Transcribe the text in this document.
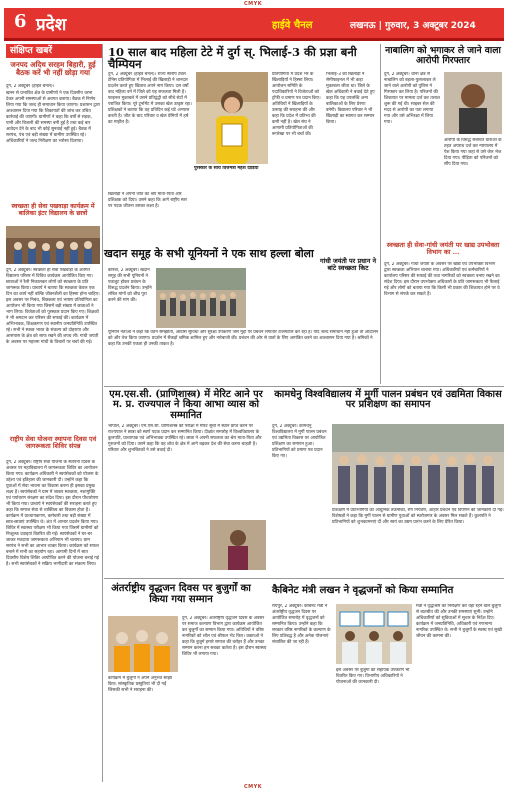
CMYK
CMYK
6 प्रदेश	हाईवे चैनल	लखनऊ | गुरुवार, 3 अक्टूबर 2024
संक्षिप्त खबरें
जनपद अदिथ सरहम बिहारी, हुई बैठक करें भी नहीं छोड़ा गया

दुर्ग, 2 अक्टूबर (हाईवे चैनल)।

खनन से प्रभावित क्षेत्र के ग्रामीणों ने एक दिवसीय धरना देकर अपनी समस्याओं से अवगत कराया। बैठक में निर्णय लिया गया कि जल्द ही समाधान किया जाएगा। प्रशासन द्वारा आश्वासन दिया गया कि शिकायतों की जांच कर उचित कार्रवाई की जाएगी। ग्रामीणों ने कहा कि वर्षों से सड़क, पानी और बिजली की समस्या बनी हुई है तथा कई बार आवेदन देने के बाद भी कोई सुनवाई नहीं हुई। बैठक में सरपंच, पंच एवं बड़ी संख्या में ग्रामीण उपस्थित रहे। अधिकारियों ने जल्द निरीक्षण का भरोसा दिलाया।

स्वच्छता ही सेवा पखवाड़ा कार्यक्रम में बालिका इंटर विद्यालय के छात्रों

दुर्ग, 2 अक्टूबर। स्वच्छता ही सेवा पखवाड़ा के अंतर्गत विद्यालय परिसर में विविध कार्यक्रम आयोजित किए गए। छात्राओं ने रैली निकालकर लोगों को स्वच्छता के प्रति जागरूक किया। प्राचार्य ने बताया कि स्वच्छता केवल एक दिन का कार्य नहीं बल्कि जीवनशैली का हिस्सा होना चाहिए। इस अवसर पर निबंध, चित्रकला एवं भाषण प्रतियोगिता का आयोजन भी किया गया जिसमें बड़ी संख्या में छात्राओं ने भाग लिया। विजेताओं को पुरस्कार प्रदान किए गए। शिक्षकों ने भी श्रमदान कर परिसर की सफाई की। कार्यक्रम में अभिभावक, शिक्षकगण एवं स्थानीय जनप्रतिनिधि उपस्थित रहे। सभी ने स्वच्छ भारत के संकल्प को दोहराया और आसपास के क्षेत्र को साफ रखने की शपथ ली। गांधी जयंती के अवसर पर महात्मा गांधी के विचारों पर चर्चा की गई।

राष्ट्रीय सेवा योजना स्थापना दिवस एवं जागरूकता शिविर संपन्न

दुर्ग, 2 अक्टूबर। राष्ट्रीय सेवा योजना के स्थापना दिवस के अवसर पर महाविद्यालय में जागरूकता शिविर का आयोजन किया गया। कार्यक्रम अधिकारी ने स्वयंसेवकों को योजना के उद्देश्य एवं इतिहास की जानकारी दी। उन्होंने कहा कि युवाओं में सेवा भावना का विकास करना ही इसका प्रमुख लक्ष्य है। स्वयंसेवकों ने ग्राम में जाकर स्वच्छता, नशामुक्ति एवं पर्यावरण संरक्षण का संदेश दिया। इस दौरान पौधारोपण भी किया गया। प्राचार्य ने स्वयंसेवकों की सराहना करते हुए कहा कि समाज सेवा से व्यक्तित्व का विकास होता है। कार्यक्रम में प्राध्यापकगण, कर्मचारी तथा बड़ी संख्या में छात्र-छात्राएं उपस्थित थे। अंत में आभार प्रदर्शन किया गया। शिविर में स्वास्थ्य परीक्षण भी किया गया जिसमें ग्रामीणों को निःशुल्क दवाइयां वितरित की गईं। स्वयंसेवकों ने घर-घर जाकर मतदाता जागरूकता अभियान भी चलाया। ग्राम सरपंच ने सभी का आभार व्यक्त किया। कार्यक्रम को सफल बनाने में सभी का सहयोग रहा। आगामी दिनों में सात दिवसीय विशेष शिविर आयोजित करने की योजना बनाई गई है। सभी स्वयंसेवकों ने सक्रिय भागीदारी का संकल्प लिया।

10 साल बाद महिला टेटे में दुर्ग स्. भिलाई-3 की प्रज्ञा बनी चैम्पियन

दुर्ग, 2 अक्टूबर (हाईवे चैनल)। राज्य स्तरीय टेबल टेनिस प्रतियोगिता में भिलाई की खिलाड़ी ने शानदार प्रदर्शन करते हुए खिताब अपने नाम किया। दस वर्षों बाद महिला वर्ग में जिले को यह सफलता मिली है। फाइनल मुकाबले में उसने प्रतिद्वंद्वी को सीधे सेटों में पराजित किया। पूरे टूर्नामेंट में उसका खेल उत्कृष्ट रहा। प्रशिक्षकों ने बताया कि वह प्रतिदिन कई घंटे अभ्यास करती है। जीत के बाद परिवार व खेल प्रेमियों में हर्ष का माहौल है।

पुरस्कार के साथ वित्तमंत्री महेश दांडिया

खिलाड़ी ने अपनी जीत का श्रेय माता-पिता और प्रशिक्षक को दिया। उसने कहा कि आगे राष्ट्रीय स्तर पर पदक जीतना उसका लक्ष्य है।

प्रतियोगिता में प्रदेश भर के खिलाड़ियों ने हिस्सा लिया। आयोजन समिति के पदाधिकारियों ने विजेताओं को ट्रॉफी व प्रमाण पत्र प्रदान किए। अतिथियों ने खिलाड़ियों के उत्साह की सराहना की और कहा कि प्रदेश में प्रतिभा की कमी नहीं है। खेल संघ ने आगामी प्रतियोगिताओं की रूपरेखा पर भी चर्चा की।

भिलाई-3 की खिलाड़ी ने सेमीफाइनल में भी कड़ा मुकाबला जीता था। जिले के खेल अधिकारी ने बधाई देते हुए कहा कि यह उपलब्धि अन्य बालिकाओं के लिए प्रेरणा बनेगी। विद्यालय परिवार ने भी खिलाड़ी का स्वागत कर सम्मान किया।

नाबालिग को भगाकर ले जाने वाला आरोपी गिरफ्तार

दुर्ग, 2 अक्टूबर। थाना क्षेत्र से नाबालिग को बहला-फुसलाकर ले जाने वाले आरोपी को पुलिस ने गिरफ्तार कर लिया है। परिजनों की शिकायत पर मामला दर्ज कर तलाश शुरू की गई थी। साइबर सेल की मदद से आरोपी का पता लगाया गया और उसे अभिरक्षा में लिया गया।

आरोपी के विरुद्ध संबंधित धाराओं के तहत अपराध दर्ज कर न्यायालय में पेश किया गया जहां से उसे जेल भेज दिया गया। पीड़िता को परिजनों को सौंप दिया गया।

खदान समूह के सभी यूनियनों ने एक साथ हल्ला बोला

कोरबा, 2 अक्टूबर। खदान समूह की सभी यूनियनों ने एकजुट होकर प्रबंधन के विरुद्ध प्रदर्शन किया। उन्होंने लंबित मांगों को शीघ्र पूरा करने की मांग की।

यूनियन नेताओं ने कहा कि वेतन समझौता, आवास सुविधा और सुरक्षा उपकरण जैसे मुद्दों पर प्रबंधन लगातार टालमटोल कर रहा है। यदि जल्द समाधान नहीं हुआ तो आंदोलन को और तेज किया जाएगा। प्रदर्शन में सैकड़ों श्रमिक शामिल हुए और नारेबाजी की। प्रबंधन की ओर से वार्ता के लिए आमंत्रित करने का आश्वासन दिया गया है। श्रमिकों ने कहा कि उनकी एकता ही उनकी ताकत है।

गांधी जयंती पर प्रधान ने बांटे स्वच्छता किट
स्वच्छता ही सेवा-गांधी जयंती पर खाद्य उपभोक्ता विभाग का ...

दुर्ग, 2 अक्टूबर। गांधी जयंती के अवसर पर खाद्य एवं उपभोक्ता विभाग द्वारा स्वच्छता अभियान चलाया गया। अधिकारियों एवं कर्मचारियों ने कार्यालय परिसर की सफाई की तथा नागरिकों को स्वच्छता बनाए रखने का संदेश दिया। इस दौरान उपभोक्ता अधिकारों के प्रति जागरूकता भी फैलाई गई और लोगों को बताया गया कि किसी भी प्रकार की शिकायत होने पर वे विभाग से संपर्क कर सकते हैं।

एम.एस.सी. (प्राणिशास्त्र) में मेरिट आने पर म. प्र. राज्यपाल ने किया आभा व्यास को सम्मानित

भोपाल, 2 अक्टूबर। एम.एस.सी. प्राणिशास्त्र की परीक्षा में मेरिट सूची में स्थान प्राप्त करने पर राज्यपाल ने छात्रा को स्वर्ण पदक प्रदान कर सम्मानित किया। दीक्षांत समारोह में विश्वविद्यालय के कुलपति, प्राध्यापक एवं अभिभावक उपस्थित रहे। छात्रा ने अपनी सफलता का श्रेय माता-पिता और गुरुजनों को दिया। उसने कहा कि वह शोध के क्षेत्र में आगे बढ़कर देश की सेवा करना चाहती है। परिवार और शुभचिंतकों ने उसे बधाई दी।

कामधेनु विश्वविद्यालय में मुर्गी पालन प्रबंधन एवं उद्यमिता विकास पर प्रशिक्षण का समापन

दुर्ग, 2 अक्टूबर। कामधेनु विश्वविद्यालय में मुर्गी पालन प्रबंधन एवं उद्यमिता विकास पर आयोजित प्रशिक्षण का समापन हुआ। प्रतिभागियों को प्रमाण पत्र प्रदान किए गए।

प्रशिक्षण में प्रतिभागियों को आधुनिक तकनीकों, रोग नियंत्रण, आहार प्रबंधन एवं विपणन की जानकारी दी गई। विशेषज्ञों ने कहा कि मुर्गी पालन से ग्रामीण युवाओं को स्वरोजगार के अवसर मिल सकते हैं। कुलपति ने प्रतिभागियों को शुभकामनाएं दीं और स्वयं का उद्यम प्रारंभ करने के लिए प्रेरित किया।

अंतर्राष्ट्रीय वृद्धजन दिवस पर बुजुर्गों का किया गया सम्मान

दुर्ग, 2 अक्टूबर। अंतर्राष्ट्रीय वृद्धजन दिवस के अवसर पर समाज कल्याण विभाग द्वारा कार्यक्रम आयोजित कर बुजुर्गों का सम्मान किया गया। अतिथियों ने वरिष्ठ नागरिकों को शॉल एवं श्रीफल भेंट किए। वक्ताओं ने कहा कि बुजुर्ग हमारे समाज की धरोहर हैं और उनका सम्मान करना हम सबका कर्तव्य है। इस दौरान स्वास्थ्य शिविर भी लगाया गया।

कार्यक्रम में बुजुर्गों ने अपने अनुभव साझा किए। सांस्कृतिक प्रस्तुतियां भी दी गईं जिसकी सभी ने सराहना की।

कैबिनेट मंत्री लखन ने वृद्धजनों को किया सम्मानित

रायपुर, 2 अक्टूबर। कैबिनेट मंत्री ने अंतर्राष्ट्रीय वृद्धजन दिवस पर आयोजित समारोह में वृद्धजनों को सम्मानित किया। उन्होंने कहा कि सरकार वरिष्ठ नागरिकों के कल्याण के लिए प्रतिबद्ध है और अनेक योजनाएं संचालित की जा रही हैं।

मंत्री ने वृद्धाश्रम का निरीक्षण कर वहां रहने वाले बुजुर्गों से बातचीत की और उनकी समस्याएं सुनीं। उन्होंने अधिकारियों को सुविधाओं में सुधार के निर्देश दिए। कार्यक्रम में जनप्रतिनिधि, अधिकारी एवं गणमान्य नागरिक उपस्थित थे। सभी ने बुजुर्गों के स्वस्थ एवं सुखी जीवन की कामना की।

इस अवसर पर बुजुर्गों को सहायक उपकरण भी वितरित किए गए। विभागीय अधिकारियों ने योजनाओं की जानकारी दी।
